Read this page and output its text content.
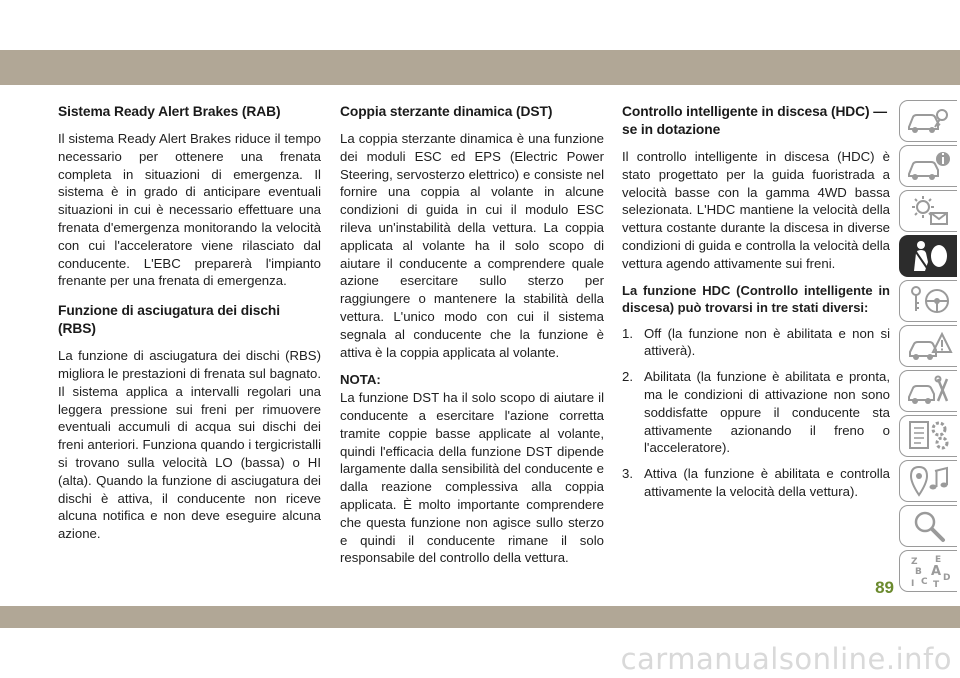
Sistema Ready Alert Brakes (RAB)

Il sistema Ready Alert Brakes riduce il tempo necessario per ottenere una frenata completa in situazioni di emergenza. Il sistema è in grado di anticipare eventuali situazioni in cui è necessario effettuare una frenata d'emergenza monitorando la velocità con cui l'acceleratore viene rilasciato dal conducente. L'EBC preparerà l'impianto frenante per una frenata di emergenza.

Funzione di asciugatura dei dischi (RBS)

La funzione di asciugatura dei dischi (RBS) migliora le prestazioni di frenata sul bagnato. Il sistema applica a intervalli regolari una leggera pressione sui freni per rimuovere eventuali accumuli di acqua sui dischi dei freni anteriori. Funziona quando i tergicristalli si trovano sulla velocità LO (bassa) o HI (alta). Quando la funzione di asciugatura dei dischi è attiva, il conducente non riceve alcuna notifica e non deve eseguire alcuna azione.

Coppia sterzante dinamica (DST)

La coppia sterzante dinamica è una funzione dei moduli ESC ed EPS (Electric Power Steering, servosterzo elettrico) e consiste nel fornire una coppia al volante in alcune condizioni di guida in cui il modulo ESC rileva un'instabilità della vettura. La coppia applicata al volante ha il solo scopo di aiutare il conducente a comprendere quale azione esercitare sullo sterzo per raggiungere o mantenere la stabilità della vettura. L'unico modo con cui il sistema segnala al conducente che la funzione è attiva è la coppia applicata al volante.

NOTA:

La funzione DST ha il solo scopo di aiutare il conducente a esercitare l'azione corretta tramite coppie basse applicate al volante, quindi l'efficacia della funzione DST dipende largamente dalla sensibilità del conducente e dalla reazione complessiva alla coppia applicata. È molto importante comprendere che questa funzione non agisce sullo sterzo e quindi il conducente rimane il solo responsabile del controllo della vettura.

Controllo intelligente in discesa (HDC) — se in dotazione

Il controllo intelligente in discesa (HDC) è stato progettato per la guida fuoristrada a velocità basse con la gamma 4WD bassa selezionata. L'HDC mantiene la velocità della vettura costante durante la discesa in diverse condizioni di guida e controlla la velocità della vettura agendo attivamente sui freni.

La funzione HDC (Controllo intelligente in discesa) può trovarsi in tre stati diversi:
1. Off (la funzione non è abilitata e non si attiverà).
2. Abilitata (la funzione è abilitata e pronta, ma le condizioni di attivazione non sono soddisfatte oppure il conducente sta attivamente azionando il freno o l'acceleratore).
3. Attiva (la funzione è abilitata e controlla attivamente la velocità della vettura).
Z E
B A
I C D
T
89
carmanualsonline.info
